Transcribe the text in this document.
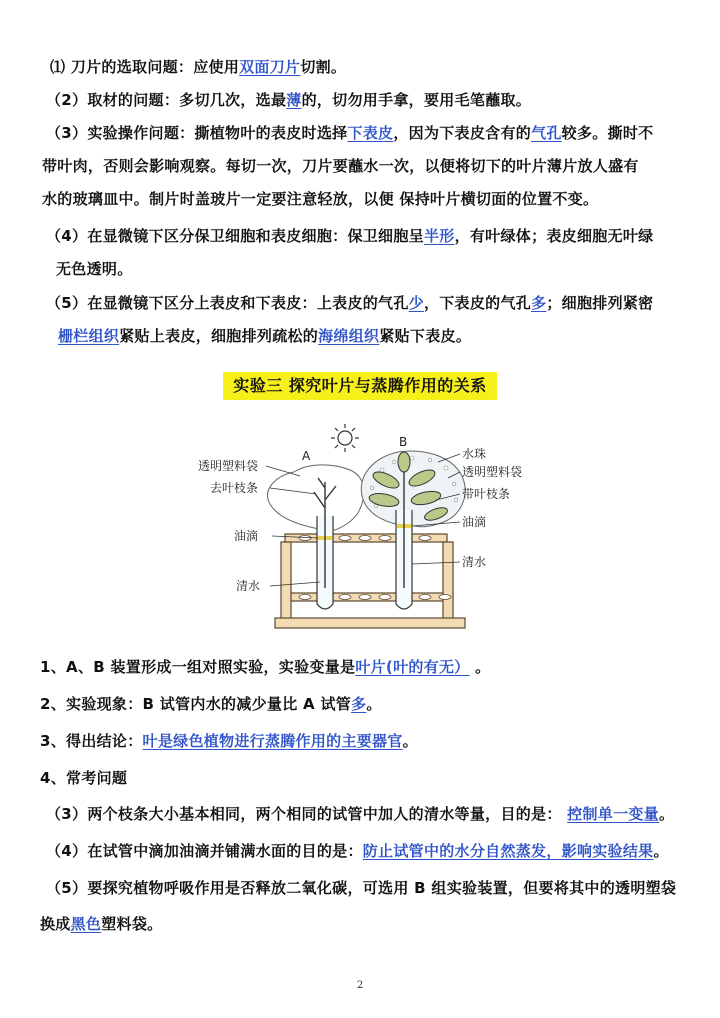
⑴ 刀片的选取问题：应使用双面刀片切割。
（2）取材的问题：多切几次，选最薄的，切勿用手拿，要用毛笔蘸取。
（3）实验操作问题：撕植物叶的表皮时选择下表皮，因为下表皮含有的气孔较多。撕时不
带叶肉，否则会影响观察。每切一次，刀片要蘸水一次，以便将切下的叶片薄片放人盛有
水的玻璃皿中。制片时盖玻片一定要注意轻放，以便 保持叶片横切面的位置不变。
（4）在显微镜下区分保卫细胞和表皮细胞：保卫细胞呈半形，有叶绿体；表皮细胞无叶绿
无色透明。
（5）在显微镜下区分上表皮和下表皮：上表皮的气孔少，下表皮的气孔多；细胞排列紧密
栅栏组织紧贴上表皮，细胞排列疏松的海绵组织紧贴下表皮。
实验三 探究叶片与蒸腾作用的关系
A
B
透明塑料袋
去叶枝条
油滴
清水
水珠
透明塑料袋
带叶枝条
油滴
清水
1、A、B 装置形成一组对照实验，实验变量是叶片(叶的有无） 。
2、实验现象：B 试管内水的减少量比 A 试管多。
3、得出结论：叶是绿色植物进行蒸腾作用的主要器官。
4、常考问题
（3）两个枝条大小基本相同，两个相同的试管中加人的清水等量，目的是： 控制单一变量。
（4）在试管中滴加油滴并铺满水面的目的是：防止试管中的水分自然蒸发，影响实验结果。
（5）要探究植物呼吸作用是否释放二氧化碳，可选用 B 组实验装置，但要将其中的透明塑袋
换成黑色塑料袋。
2
